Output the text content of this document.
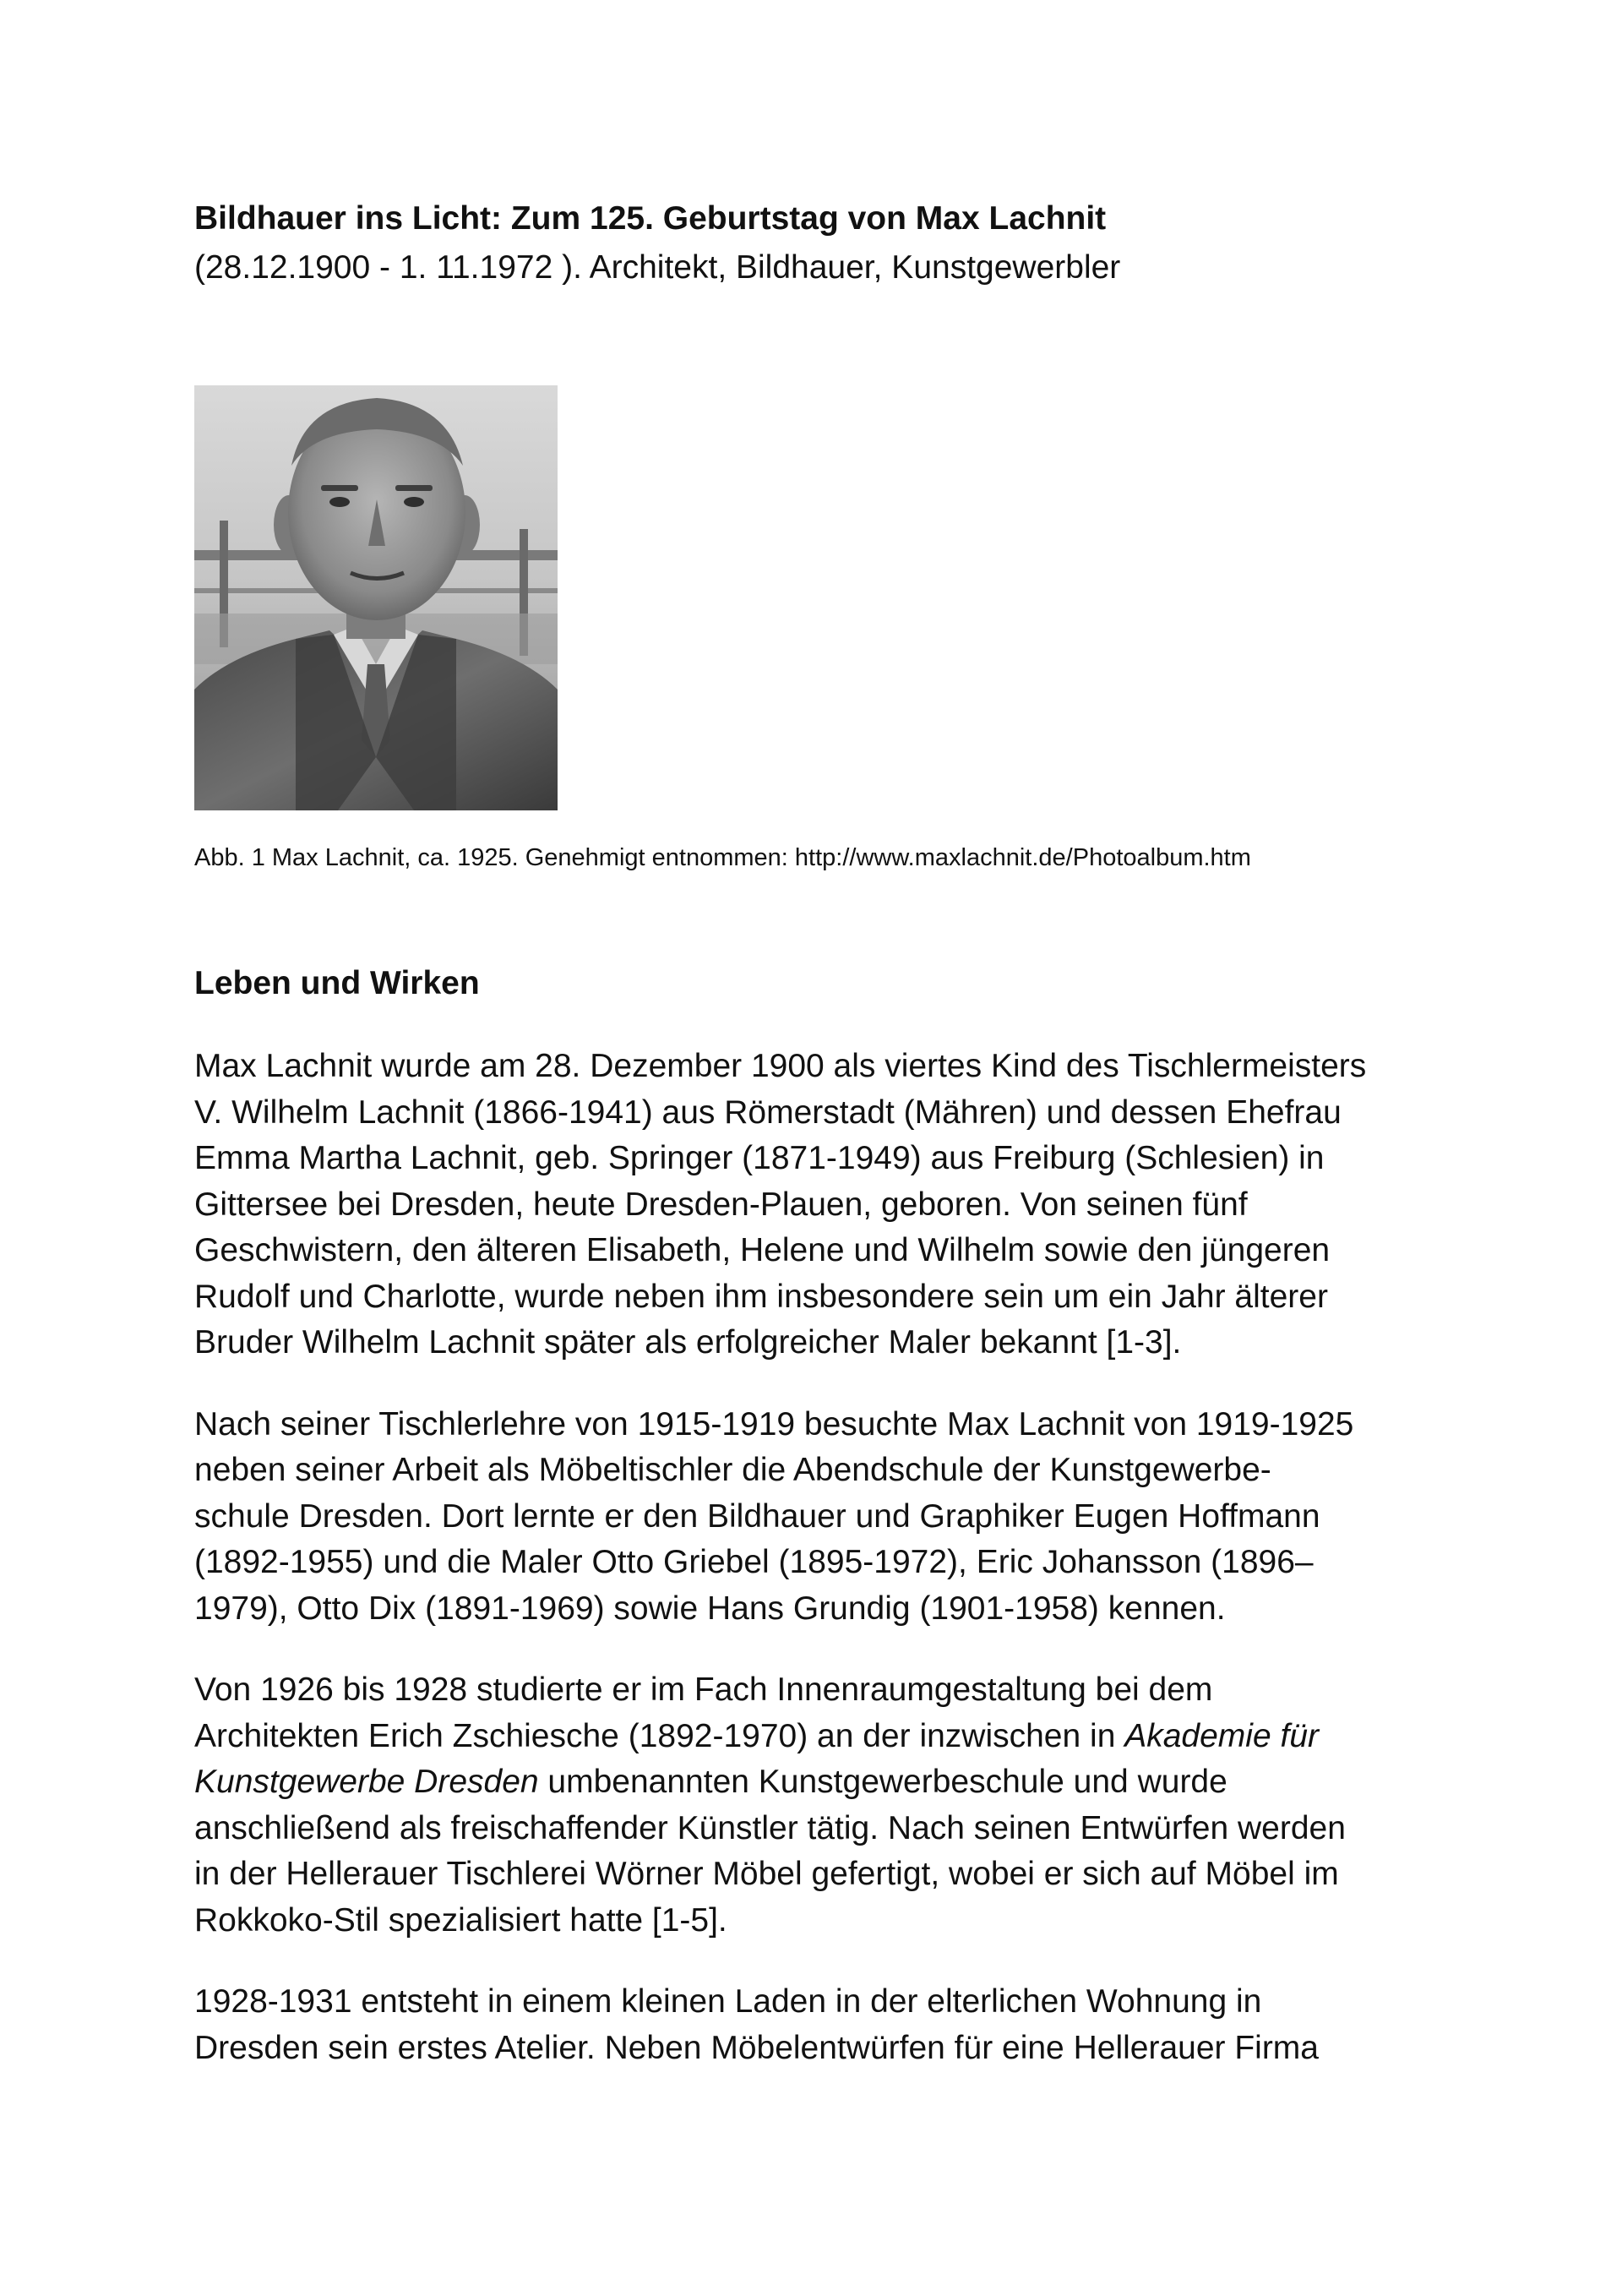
Bildhauer ins Licht: Zum 125. Geburtstag von Max Lachnit

(28.12.1900 - 1. 11.1972 ). Architekt, Bildhauer, Kunstgewerbler

Abb. 1 Max Lachnit, ca. 1925. Genehmigt entnommen: http://www.maxlachnit.de/Photoalbum.htm
Leben und Wirken
Max Lachnit wurde am 28. Dezember 1900 als viertes Kind des Tischlermeisters
V. Wilhelm Lachnit (1866-1941) aus Römerstadt (Mähren) und dessen Ehefrau
Emma Martha Lachnit, geb. Springer (1871-1949) aus Freiburg (Schlesien) in
Gittersee bei Dresden, heute Dresden-Plauen, geboren. Von seinen fünf
Geschwistern, den älteren Elisabeth, Helene und Wilhelm sowie den jüngeren
Rudolf und Charlotte, wurde neben ihm insbesondere sein um ein Jahr älterer
Bruder Wilhelm Lachnit später als erfolgreicher Maler bekannt [1-3].
Nach seiner Tischlerlehre von 1915-1919 besuchte Max Lachnit von 1919-1925
neben seiner Arbeit als Möbeltischler die Abendschule der Kunstgewerbe-
schule Dresden. Dort lernte er den Bildhauer und Graphiker Eugen Hoffmann
(1892-1955) und die Maler Otto Griebel (1895-1972), Eric Johansson (1896–
1979), Otto Dix (1891-1969) sowie Hans Grundig (1901-1958) kennen.
Von 1926 bis 1928 studierte er im Fach Innenraumgestaltung bei dem
Architekten Erich Zschiesche (1892-1970) an der inzwischen in Akademie für
Kunstgewerbe Dresden umbenannten Kunstgewerbeschule und wurde
anschließend als freischaffender Künstler tätig. Nach seinen Entwürfen werden
in der Hellerauer Tischlerei Wörner Möbel gefertigt, wobei er sich auf Möbel im
Rokkoko-Stil spezialisiert hatte [1-5].
1928-1931 entsteht in einem kleinen Laden in der elterlichen Wohnung in
Dresden sein erstes Atelier. Neben Möbelentwürfen für eine Hellerauer Firma
